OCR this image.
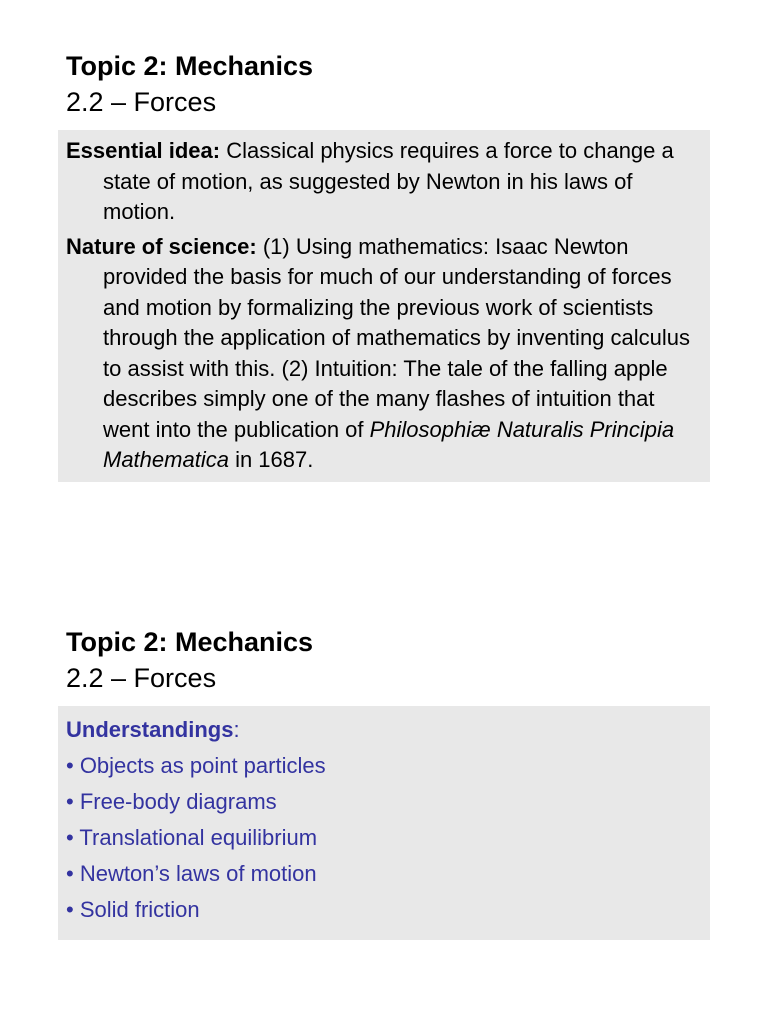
Topic 2: Mechanics
2.2 – Forces

Essential idea: Classical physics requires a force to change a state of motion, as suggested by Newton in his laws of motion.

Nature of science: (1) Using mathematics: Isaac Newton provided the basis for much of our understanding of forces and motion by formalizing the previous work of scientists through the application of mathematics by inventing calculus to assist with this. (2) Intuition: The tale of the falling apple describes simply one of the many flashes of intuition that went into the publication of Philosophiæ Naturalis Principia Mathematica in 1687.

Topic 2: Mechanics
2.2 – Forces

Understandings:

• Objects as point particles
• Free-body diagrams
• Translational equilibrium
• Newton’s laws of motion
• Solid friction
